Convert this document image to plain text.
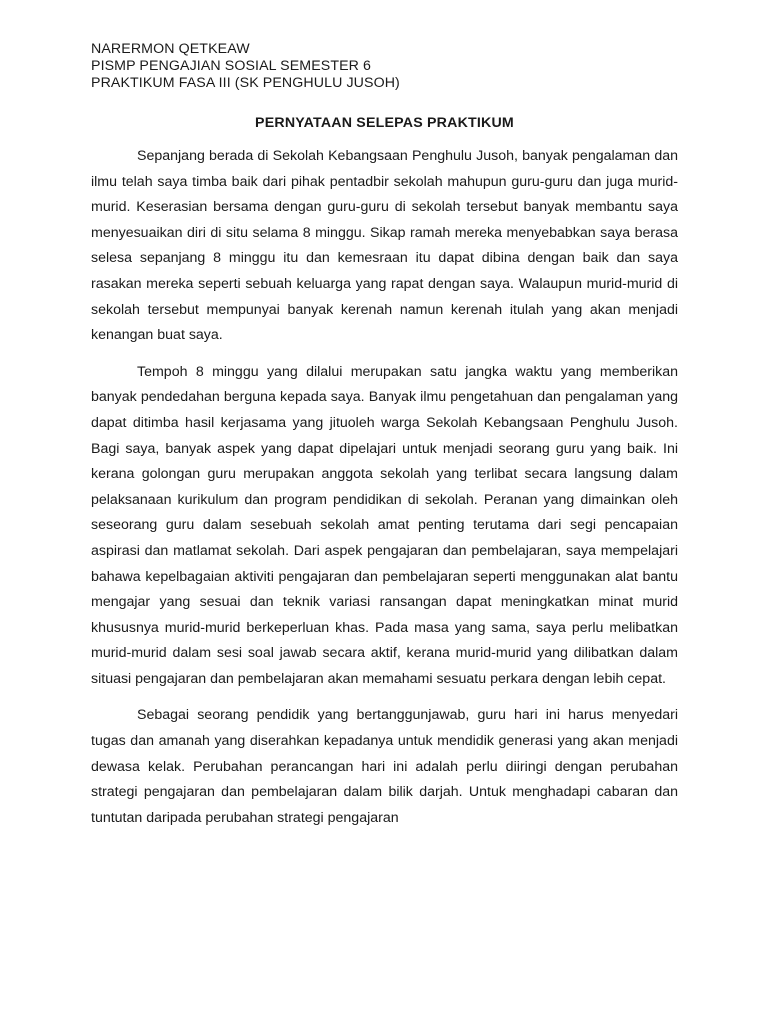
NARERMON QETKEAW
PISMP PENGAJIAN SOSIAL SEMESTER 6
PRAKTIKUM FASA III (SK PENGHULU JUSOH)
PERNYATAAN SELEPAS PRAKTIKUM

Sepanjang berada di Sekolah Kebangsaan Penghulu Jusoh, banyak pengalaman dan ilmu telah saya timba baik dari pihak pentadbir sekolah mahupun guru-guru dan juga murid-murid. Keserasian bersama dengan guru-guru di sekolah tersebut banyak membantu saya menyesuaikan diri di situ selama 8 minggu. Sikap ramah mereka menyebabkan saya berasa selesa sepanjang 8 minggu itu dan kemesraan itu dapat dibina dengan baik dan saya rasakan mereka seperti sebuah keluarga yang rapat dengan saya. Walaupun murid-murid di sekolah tersebut mempunyai banyak kerenah namun kerenah itulah yang akan menjadi kenangan buat saya.

Tempoh 8 minggu yang dilalui merupakan satu jangka waktu yang memberikan banyak pendedahan berguna kepada saya. Banyak ilmu pengetahuan dan pengalaman yang dapat ditimba hasil kerjasama yang jituoleh warga Sekolah Kebangsaan Penghulu Jusoh. Bagi saya, banyak aspek yang dapat dipelajari untuk menjadi seorang guru yang baik. Ini kerana golongan guru merupakan anggota sekolah yang terlibat secara langsung dalam pelaksanaan kurikulum dan program pendidikan di sekolah. Peranan yang dimainkan oleh seseorang guru dalam sesebuah sekolah amat penting terutama dari segi pencapaian aspirasi dan matlamat sekolah. Dari aspek pengajaran dan pembelajaran, saya mempelajari bahawa kepelbagaian aktiviti pengajaran dan pembelajaran seperti menggunakan alat bantu mengajar yang sesuai dan teknik variasi ransangan dapat meningkatkan minat murid khususnya murid-murid berkeperluan khas. Pada masa yang sama, saya perlu melibatkan murid-murid dalam sesi soal jawab secara aktif, kerana murid-murid yang dilibatkan dalam situasi pengajaran dan pembelajaran akan memahami sesuatu perkara dengan lebih cepat.

Sebagai seorang pendidik yang bertanggunjawab, guru hari ini harus menyedari tugas dan amanah yang diserahkan kepadanya untuk mendidik generasi yang akan menjadi dewasa kelak. Perubahan perancangan hari ini adalah perlu diiringi dengan perubahan strategi pengajaran dan pembelajaran dalam bilik darjah. Untuk menghadapi cabaran dan tuntutan daripada perubahan strategi pengajaran
